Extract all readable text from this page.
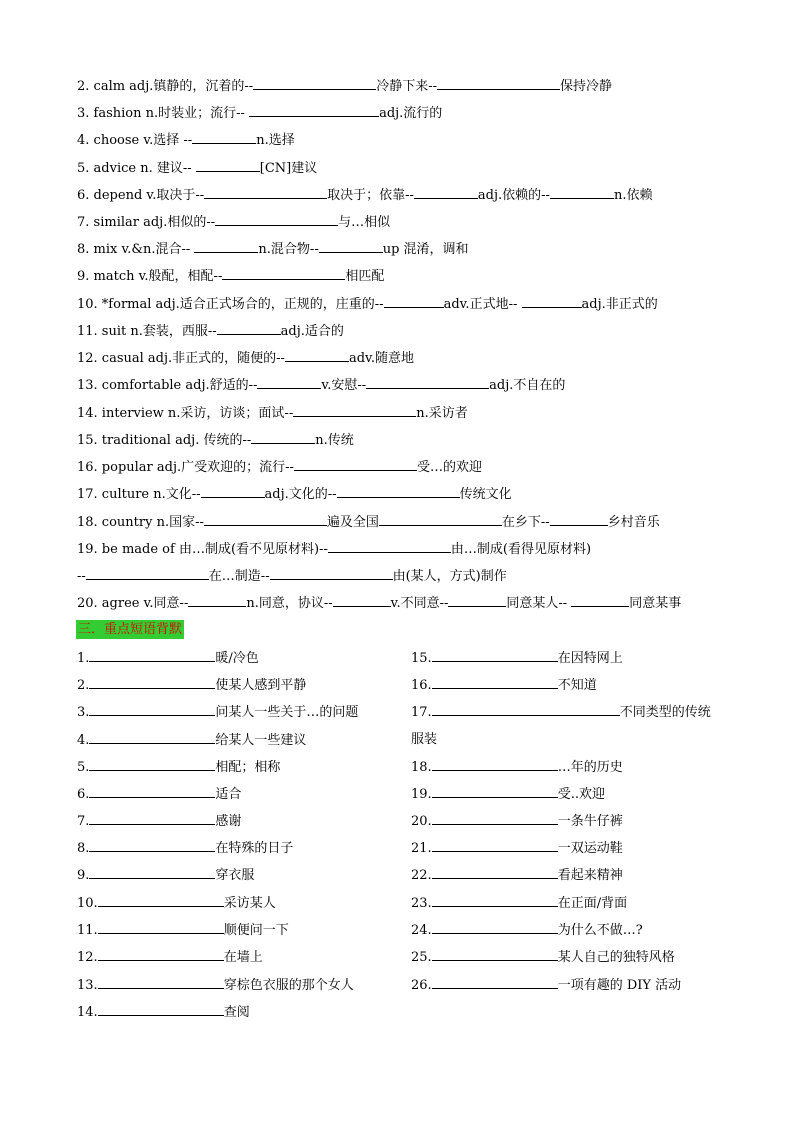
2. calm adj.镇静的，沉着的--	冷静下来--	保持冷静
3. fashion n.时装业；流行--	adj.流行的
4. choose v.选择 --	n.选择
5. advice n. 建议--	[CN]建议
6. depend v.取决于--	取决于；依靠--	adj.依赖的--	n.依赖
7. similar adj.相似的--	与…相似
8. mix v.&n.混合--	n.混合物--	up 混淆，调和
9. match v.般配，相配--	相匹配
10. *formal adj.适合正式场合的，正规的，庄重的--	adv.正式地--	adj.非正式的
11. suit n.套装，西服--	adj.适合的
12. casual adj.非正式的，随便的--	adv.随意地
13. comfortable adj.舒适的--	v.安慰--	adj.不自在的
14. interview n.采访，访谈；面试--	n.采访者
15. traditional adj. 传统的--	n.传统
16. popular adj.广受欢迎的；流行--	受…的欢迎
17. culture n.文化--	adj.文化的--	传统文化
18. country n.国家--	遍及全国	在乡下--	乡村音乐
19. be made of 由…制成(看不见原材料)--	由…制成(看得见原材料)
--	在…制造--	由(某人，方式)制作
20. agree v.同意--	n.同意，协议--	v.不同意--	同意某人--	同意某事
三．重点短语背默
1.	暖/冷色
2.	使某人感到平静
3.	问某人一些关于…的问题
4.	给某人一些建议
5.	相配；相称
6.	适合
7.	感谢
8.	在特殊的日子
9.	穿衣服
10.	采访某人
11.	顺便问一下
12.	在墙上
13.	穿棕色衣服的那个女人
14.	查阅
15.	在因特网上
16.	不知道
17.	不同类型的传统
服装
18.	…年的历史
19.	受..欢迎
20.	一条牛仔裤
21.	一双运动鞋
22.	看起来精神
23.	在正面/背面
24.	为什么不做…?
25.	某人自己的独特风格
26.	一项有趣的 DIY 活动
